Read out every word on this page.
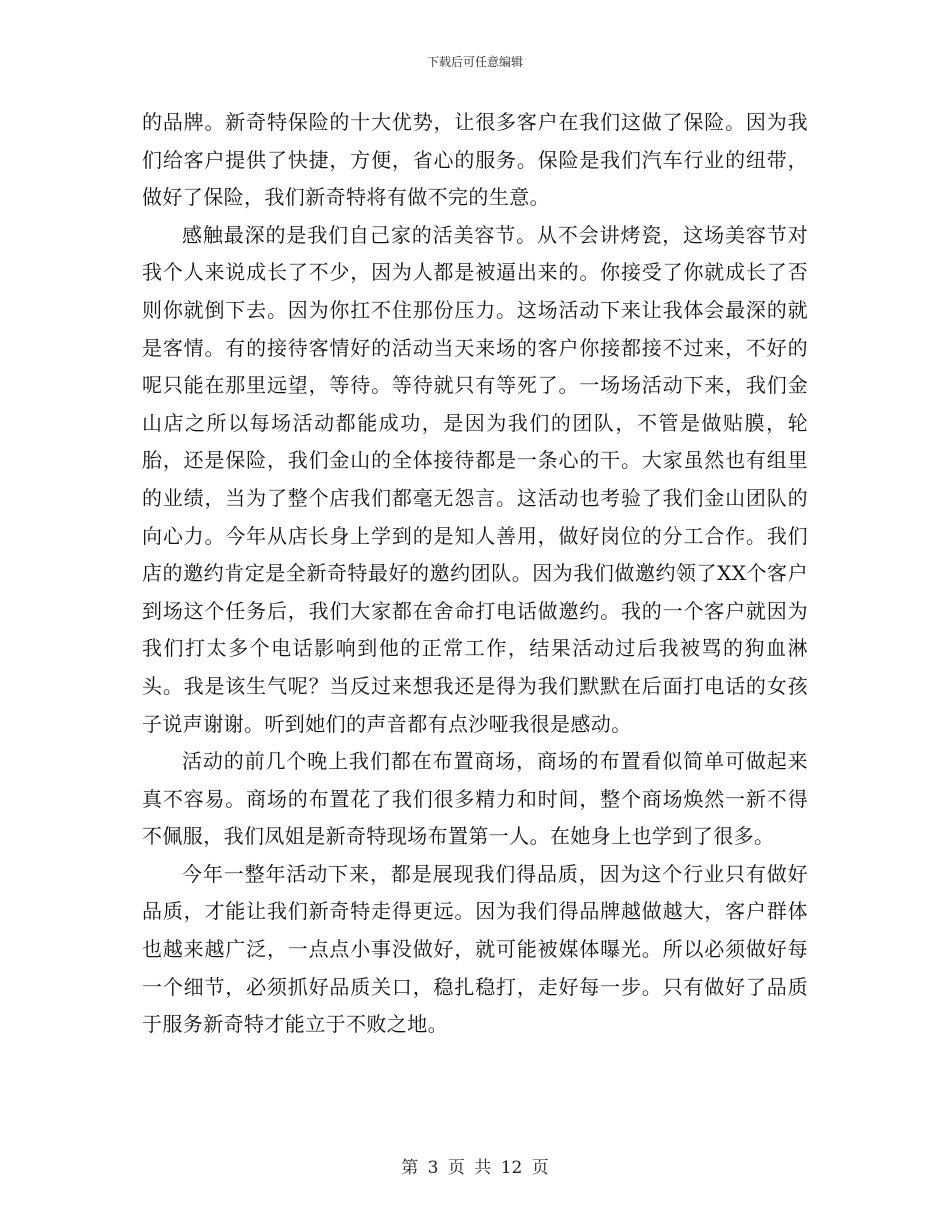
下载后可任意编辑

的品牌。新奇特保险的十大优势，让很多客户在我们这做了保险。因为我们给客户提供了快捷，方便，省心的服务。保险是我们汽车行业的纽带，做好了保险，我们新奇特将有做不完的生意。

感触最深的是我们自己家的活美容节。从不会讲烤瓷，这场美容节对我个人来说成长了不少，因为人都是被逼出来的。你接受了你就成长了否则你就倒下去。因为你扛不住那份压力。这场活动下来让我体会最深的就是客情。有的接待客情好的活动当天来场的客户你接都接不过来，不好的呢只能在那里远望，等待。等待就只有等死了。一场场活动下来，我们金山店之所以每场活动都能成功，是因为我们的团队，不管是做贴膜，轮胎，还是保险，我们金山的全体接待都是一条心的干。大家虽然也有组里的业绩，当为了整个店我们都毫无怨言。这活动也考验了我们金山团队的向心力。今年从店长身上学到的是知人善用，做好岗位的分工合作。我们店的邀约肯定是全新奇特最好的邀约团队。因为我们做邀约领了XX个客户到场这个任务后，我们大家都在舍命打电话做邀约。我的一个客户就因为我们打太多个电话影响到他的正常工作，结果活动过后我被骂的狗血淋头。我是该生气呢？当反过来想我还是得为我们默默在后面打电话的女孩子说声谢谢。听到她们的声音都有点沙哑我很是感动。

活动的前几个晚上我们都在布置商场，商场的布置看似简单可做起来真不容易。商场的布置花了我们很多精力和时间，整个商场焕然一新不得不佩服，我们凤姐是新奇特现场布置第一人。在她身上也学到了很多。

今年一整年活动下来，都是展现我们得品质，因为这个行业只有做好品质，才能让我们新奇特走得更远。因为我们得品牌越做越大，客户群体也越来越广泛，一点点小事没做好，就可能被媒体曝光。所以必须做好每一个细节，必须抓好品质关口，稳扎稳打，走好每一步。只有做好了品质于服务新奇特才能立于不败之地。

第 3 页 共 12 页
